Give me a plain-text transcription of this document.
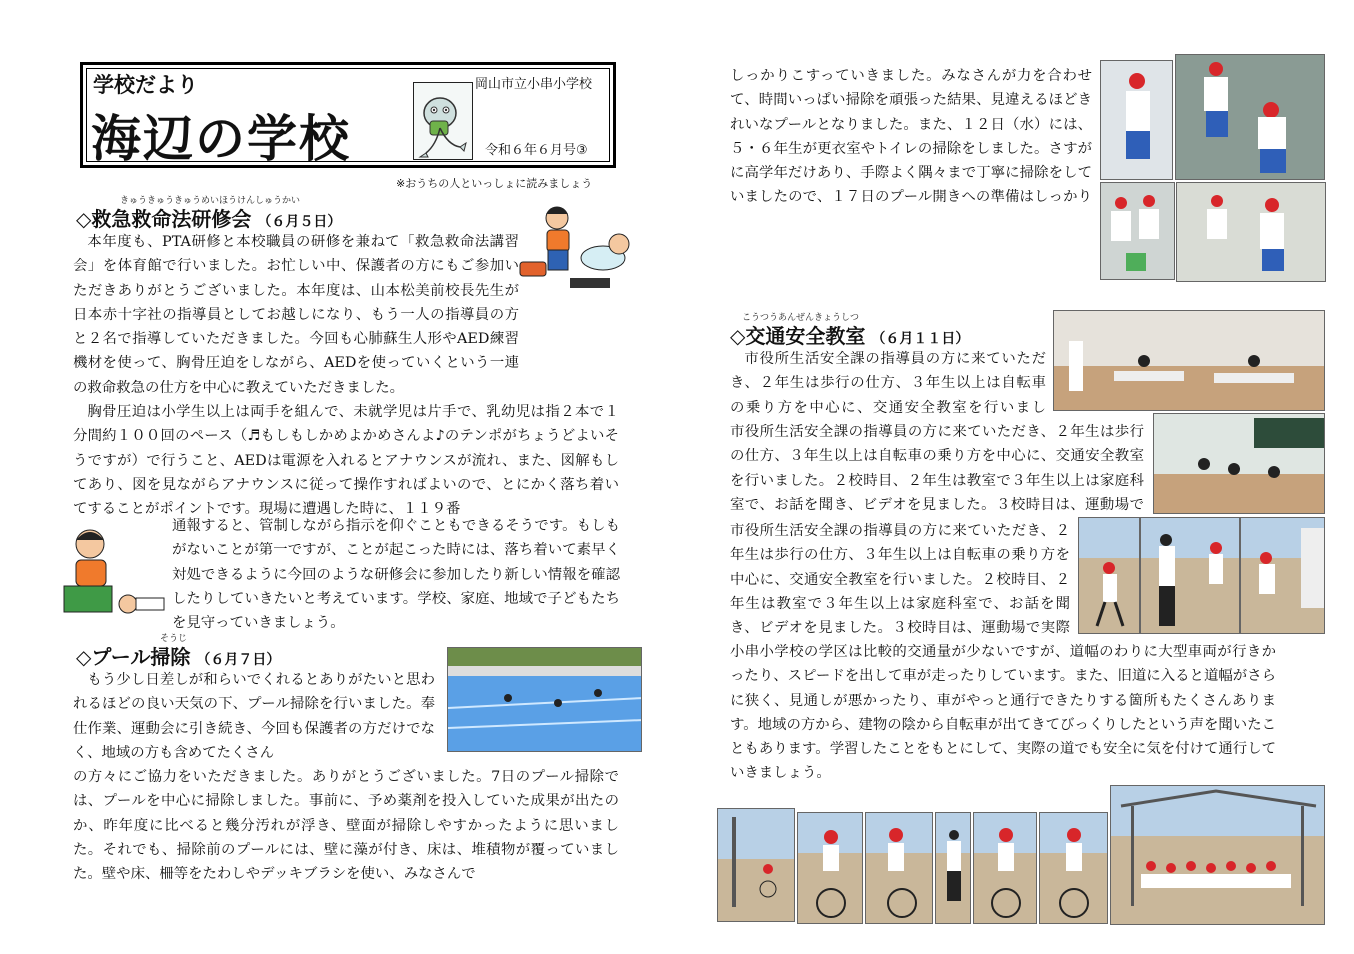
学校だより
海辺の学校
岡山市立小串小学校
令和６年６月号③
※おうちの人といっしょに読みましょう
きゅうきゅうきゅうめいほうけんしゅうかい
◇救急救命法研修会 （６月５日）

本年度も、PTA研修と本校職員の研修を兼ねて「救急救命法講習会」を体育館で行いました。お忙しい中、保護者の方にもご参加いただきありがとうございました。本年度は、山本松美前校長先生が日本赤十字社の指導員としてお越しになり、もう一人の指導員の方と２名で指導していただきました。今回も心肺蘇生人形やAED練習機材を使って、胸骨圧迫をしながら、AEDを使っていくという一連の救命救急の仕方を中心に教えていただきました。

胸骨圧迫は小学生以上は両手を組んで、未就学児は片手で、乳幼児は指２本で１分間約１００回のペース（♬もしもしかめよかめさんよ♪のテンポがちょうどよいそうですが）で行うこと、AEDは電源を入れるとアナウンスが流れ、また、図解もしてあり、図を見ながらアナウンスに従って操作すればよいので、とにかく落ち着いてすることがポイントです。現場に遭遇した時に、１１９番

通報すると、管制しながら指示を仰ぐこともできるそうです。もしもがないことが第一ですが、ことが起こった時には、落ち着いて素早く対処できるように今回のような研修会に参加したり新しい情報を確認したりしていきたいと考えています。学校、家庭、地域で子どもたちを見守っていきましょう。

そうじ
◇プール掃除 （６月７日）

もう少し日差しが和らいでくれるとありがたいと思われるほどの良い天気の下、プール掃除を行いました。奉仕作業、運動会に引き続き、今回も保護者の方だけでなく、地域の方も含めてたくさん

の方々にご協力をいただきました。ありがとうございました。7日のプール掃除では、プールを中心に掃除しました。事前に、予め薬剤を投入していた成果が出たのか、昨年度に比べると幾分汚れが浮き、壁面が掃除しやすかったように思いました。それでも、掃除前のプールには、壁に藻が付き、床は、堆積物が覆っていました。壁や床、柵等をたわしやデッキブラシを使い、みなさんで

しっかりこすっていきました。みなさんが力を合わせて、時間いっぱい掃除を頑張った結果、見違えるほどきれいなプールとなりました。また、１２日（水）には、５・６年生が更衣室やトイレの掃除をしました。さすがに高学年だけあり、手際よく隅々まで丁寧に掃除をしていましたので、１７日のプール開きへの準備はしっかり

こうつうあんぜんきょうしつ
◇交通安全教室 （６月１１日）

市役所生活安全課の指導員の方に来ていただき、２年生は歩行の仕方、３年生以上は自転車の乗り方を中心に、交通安全教室を行いまし

市役所生活安全課の指導員の方に来ていただき、２年生は歩行の仕方、３年生以上は自転車の乗り方を中心に、交通安全教室を行いました。２校時目、２年生は教室で３年生以上は家庭科室で、お話を聞き、ビデオを見ました。３校時目は、運動場で

市役所生活安全課の指導員の方に来ていただき、２年生は歩行の仕方、３年生以上は自転車の乗り方を中心に、交通安全教室を行いました。２校時目、２年生は教室で３年生以上は家庭科室で、お話を聞き、ビデオを見ました。３校時目は、運動場で実際

小串小学校の学区は比較的交通量が少ないですが、道幅のわりに大型車両が行きかったり、スピードを出して車が走ったりしています。また、旧道に入ると道幅がさらに狭く、見通しが悪かったり、車がやっと通行できたりする箇所もたくさんあります。地域の方から、建物の陰から自転車が出てきてびっくりしたという声を聞いたこともあります。学習したことをもとにして、実際の道でも安全に気を付けて通行していきましょう。
